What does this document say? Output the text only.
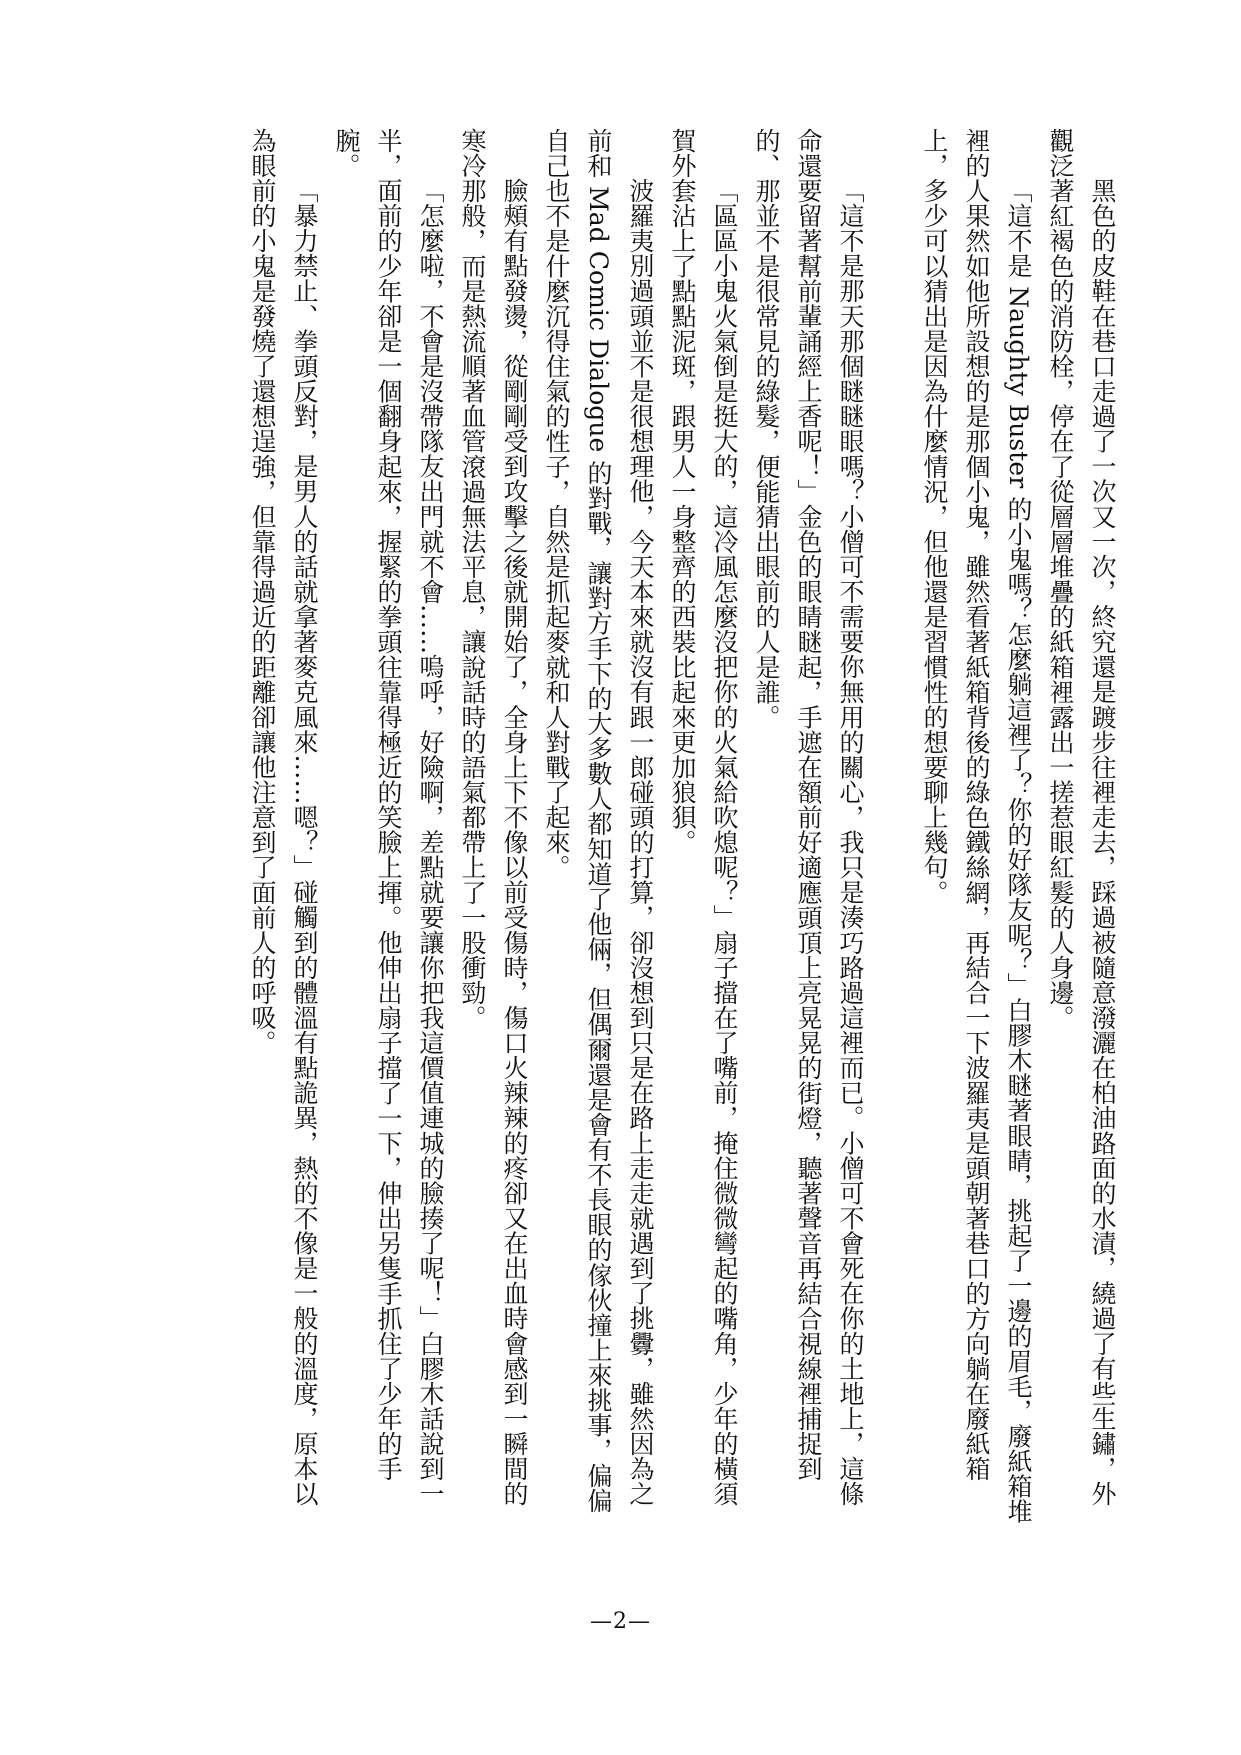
黑色的皮鞋在巷口走過了一次又一次，終究還是踱步往裡走去，踩過被隨意潑灑在柏油路面的水漬，繞過了有些生鏽，外觀泛著紅褐色的消防栓，停在了從層層堆疊的紙箱裡露出一搓惹眼紅髮的人身邊。

「這不是 Naughty Buster 的小鬼嗎？怎麼躺這裡了？你的好隊友呢？」白膠木瞇著眼睛，挑起了一邊的眉毛，廢紙箱堆裡的人果然如他所設想的是那個小鬼，雖然看著紙箱背後的綠色鐵絲網，再結合一下波羅夷是頭朝著巷口的方向躺在廢紙箱上，多少可以猜出是因為什麼情況，但他還是習慣性的想要聊上幾句。

「這不是那天那個瞇瞇眼嗎？小僧可不需要你無用的關心，我只是湊巧路過這裡而已。小僧可不會死在你的土地上，這條命還要留著幫前輩誦經上香呢！」金色的眼睛瞇起，手遮在額前好適應頭頂上亮晃晃的街燈，聽著聲音再結合視線裡捕捉到的、那並不是很常見的綠髮，便能猜出眼前的人是誰。

「區區小鬼火氣倒是挺大的，這冷風怎麼沒把你的火氣給吹熄呢？」扇子擋在了嘴前，掩住微微彎起的嘴角，少年的橫須賀外套沾上了點點泥斑，跟男人一身整齊的西裝比起來更加狼狽。

波羅夷別過頭並不是很想理他，今天本來就沒有跟一郎碰頭的打算，卻沒想到只是在路上走走就遇到了挑釁，雖然因為之前和 Mad Comic Dialogue 的對戰，讓對方手下的大多數人都知道了他倆，但偶爾還是會有不長眼的傢伙撞上來挑事，偏偏自己也不是什麼沉得住氣的性子，自然是抓起麥就和人對戰了起來。

臉頰有點發燙，從剛剛受到攻擊之後就開始了，全身上下不像以前受傷時，傷口火辣辣的疼卻又在出血時會感到一瞬間的寒冷那般，而是熱流順著血管滾過無法平息，讓說話時的語氣都帶上了一股衝勁。

「怎麼啦，不會是沒帶隊友出門就不會……嗚呼，好險啊，差點就要讓你把我這價值連城的臉揍了呢！」白膠木話說到一半，面前的少年卻是一個翻身起來，握緊的拳頭往靠得極近的笑臉上揮。他伸出扇子擋了一下，伸出另隻手抓住了少年的手腕。

「暴力禁止、拳頭反對，是男人的話就拿著麥克風來……嗯？」碰觸到的體溫有點詭異，熱的不像是一般的溫度，原本以為眼前的小鬼是發燒了還想逞強，但靠得過近的距離卻讓他注意到了面前人的呼吸。

—2—
